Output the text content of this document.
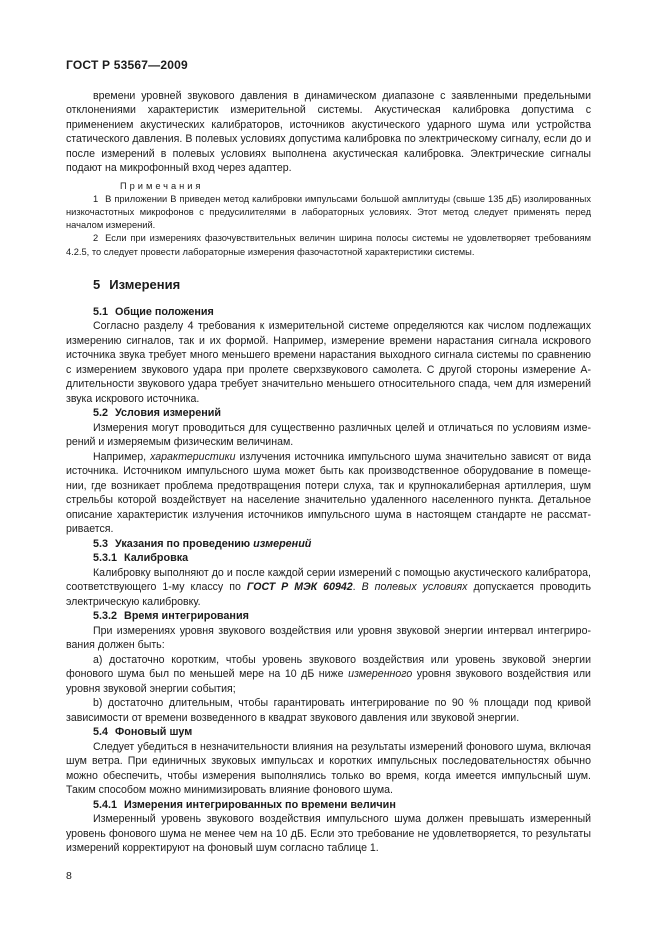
ГОСТ Р 53567—2009

времени уровней звукового давления в динамическом диапазоне с заявленными предельными отклонениями характеристик измерительной системы. Акустическая калибровка допустима с применением акустических калибраторов, источников акустического ударного шума или устройства статического давления. В полевых условиях допустима калибровка по электрическому сигналу, если до и после измерений в полевых условиях выполнена акустическая калибровка. Электрические сигналы подают на микрофонный вход через адаптер.

Примечания

1 В приложении В приведен метод калибровки импульсами большой амплитуды (свыше 135 дБ) изолированных низкочастотных микрофонов с предусилителями в лабораторных условиях. Этот метод следует применять перед началом измерений.

2 Если при измерениях фазочувствительных величин ширина полосы системы не удовлетворяет требованиям 4.2.5, то следует провести лабораторные измерения фазочастотной характеристики системы.

5 Измерения
5.1 Общие положения

Согласно разделу 4 требования к измерительной системе определяются как числом подлежащих измерению сигналов, так и их формой. Например, измерение времени нарастания сигнала искрового источника звука требует много меньшего времени нарастания выходного сигнала системы по сравнению с измерением звукового удара при пролете сверхзвукового самолета. С другой стороны измерение А-длительности звукового удара требует значительно меньшего относительного спада, чем для измерений звука искрового источника.

5.2 Условия измерений

Измерения могут проводиться для существенно различных целей и отличаться по условиям измерений и измеряемым физическим величинам.

Например, характеристики излучения источника импульсного шума значительно зависят от вида источника. Источником импульсного шума может быть как производственное оборудование в помещении, где возникает проблема предотвращения потери слуха, так и крупнокалиберная артиллерия, шум стрельбы которой воздействует на население значительно удаленного населенного пункта. Детальное описание характеристик излучения источников импульсного шума в настоящем стандарте не рассматривается.

5.3 Указания по проведению измерений
5.3.1 Калибровка

Калибровку выполняют до и после каждой серии измерений с помощью акустического калибратора, соответствующего 1-му классу по ГОСТ Р МЭК 60942. В полевых условиях допускается проводить электрическую калибровку.

5.3.2 Время интегрирования

При измерениях уровня звукового воздействия или уровня звуковой энергии интервал интегрирования должен быть:

a) достаточно коротким, чтобы уровень звукового воздействия или уровень звуковой энергии фонового шума был по меньшей мере на 10 дБ ниже измеренного уровня звукового воздействия или уровня звуковой энергии события;

b) достаточно длительным, чтобы гарантировать интегрирование по 90 % площади под кривой зависимости от времени возведенного в квадрат звукового давления или звуковой энергии.

5.4 Фоновый шум

Следует убедиться в незначительности влияния на результаты измерений фонового шума, включая шум ветра. При единичных звуковых импульсах и коротких импульсных последовательностях обычно можно обеспечить, чтобы измерения выполнялись только во время, когда имеется импульсный шум. Таким способом можно минимизировать влияние фонового шума.

5.4.1 Измерения интегрированных по времени величин

Измеренный уровень звукового воздействия импульсного шума должен превышать измеренный уровень фонового шума не менее чем на 10 дБ. Если это требование не удовлетворяется, то результаты измерений корректируют на фоновый шум согласно таблице 1.

8
